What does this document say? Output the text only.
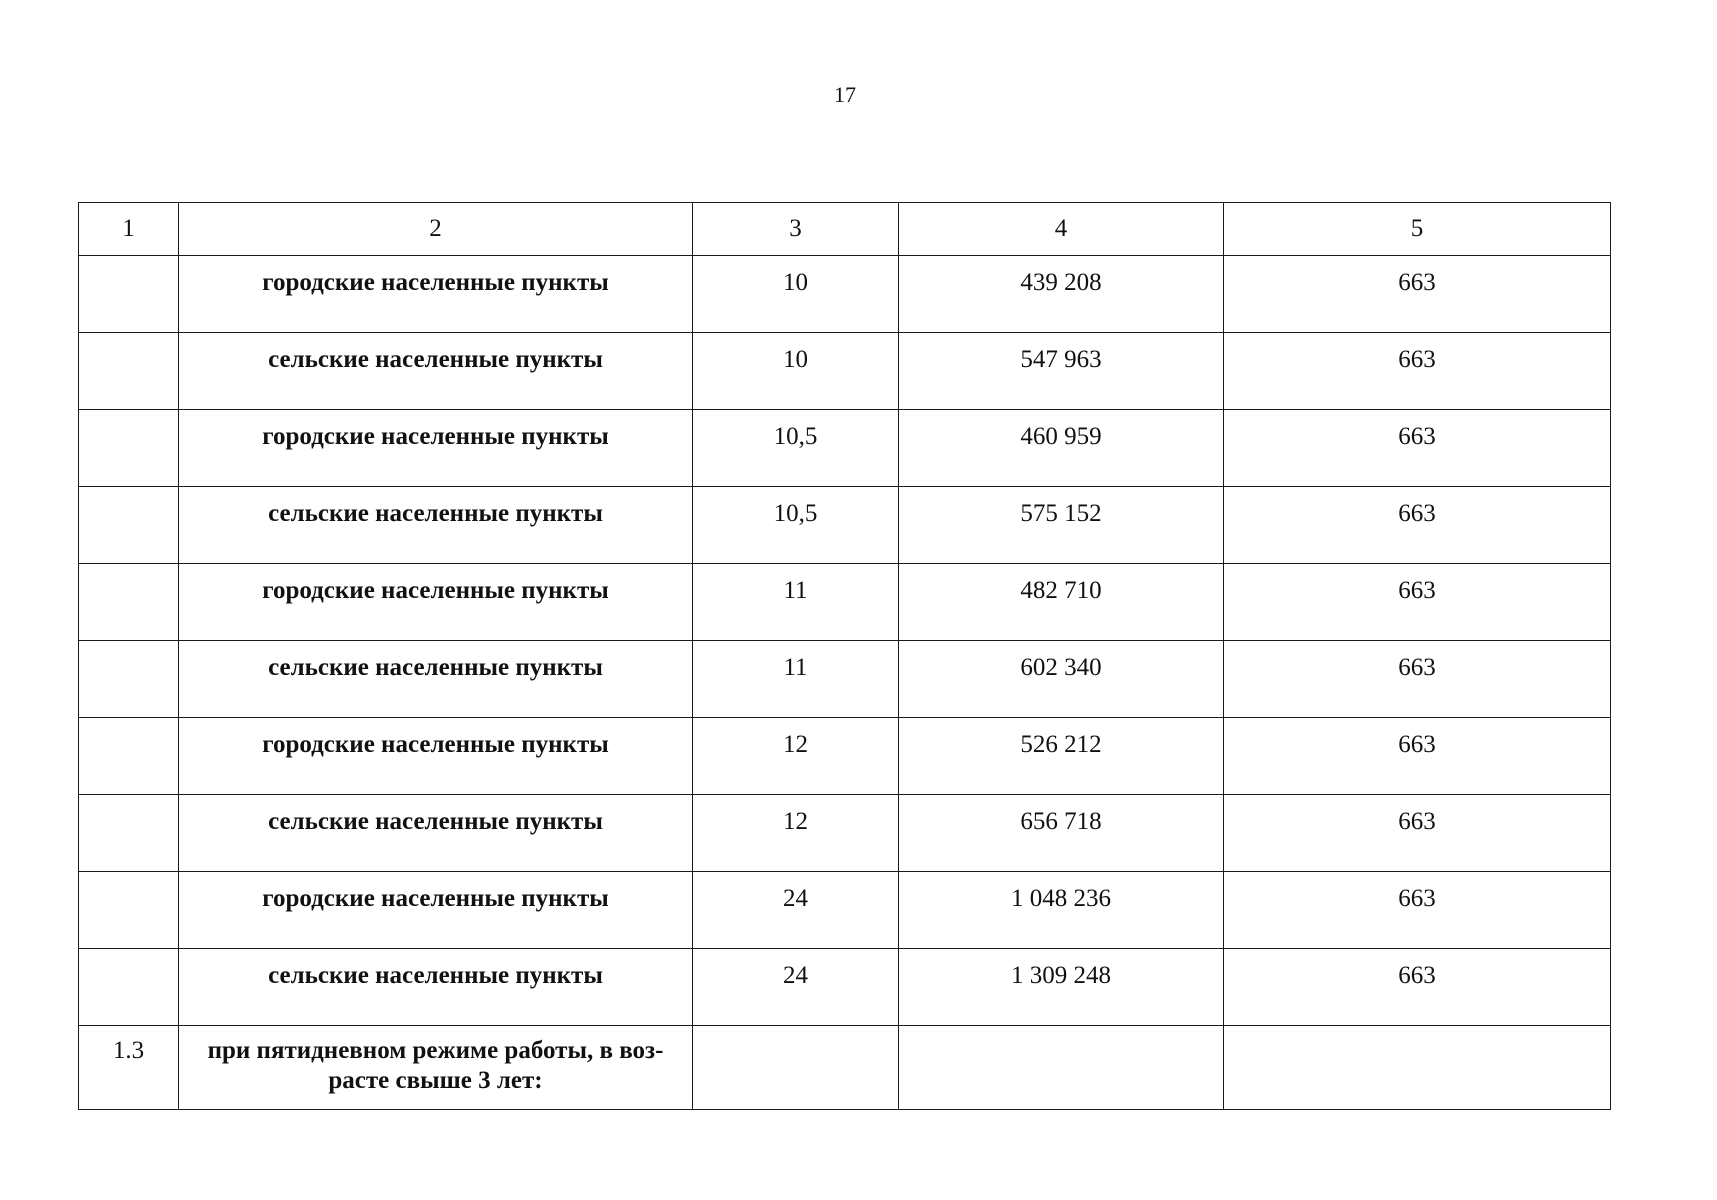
17
1	2	3	4	5
	городские населенные пункты	10	439 208	663
	сельские населенные пункты	10	547 963	663
	городские населенные пункты	10,5	460 959	663
	сельские населенные пункты	10,5	575 152	663
	городские населенные пункты	11	482 710	663
	сельские населенные пункты	11	602 340	663
	городские населенные пункты	12	526 212	663
	сельские населенные пункты	12	656 718	663
	городские населенные пункты	24	1 048 236	663
	сельские населенные пункты	24	1 309 248	663
1.3	при пятидневном режиме работы, в воз-
расте свыше 3 лет:			
